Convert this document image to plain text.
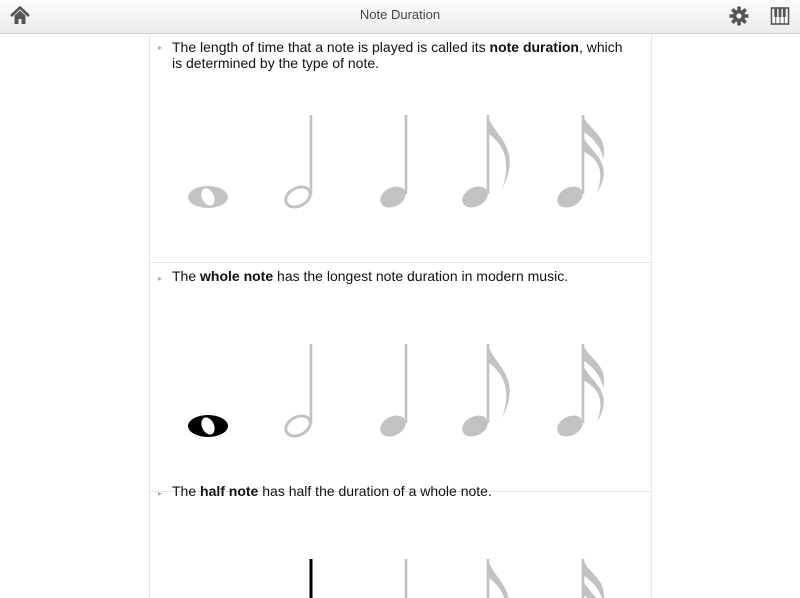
Note Duration
▸ The length of time that a note is played is called its note duration, which is determined by the type of note.
▸ The whole note has the longest note duration in modern music.
▸ The half note has half the duration of a whole note.
